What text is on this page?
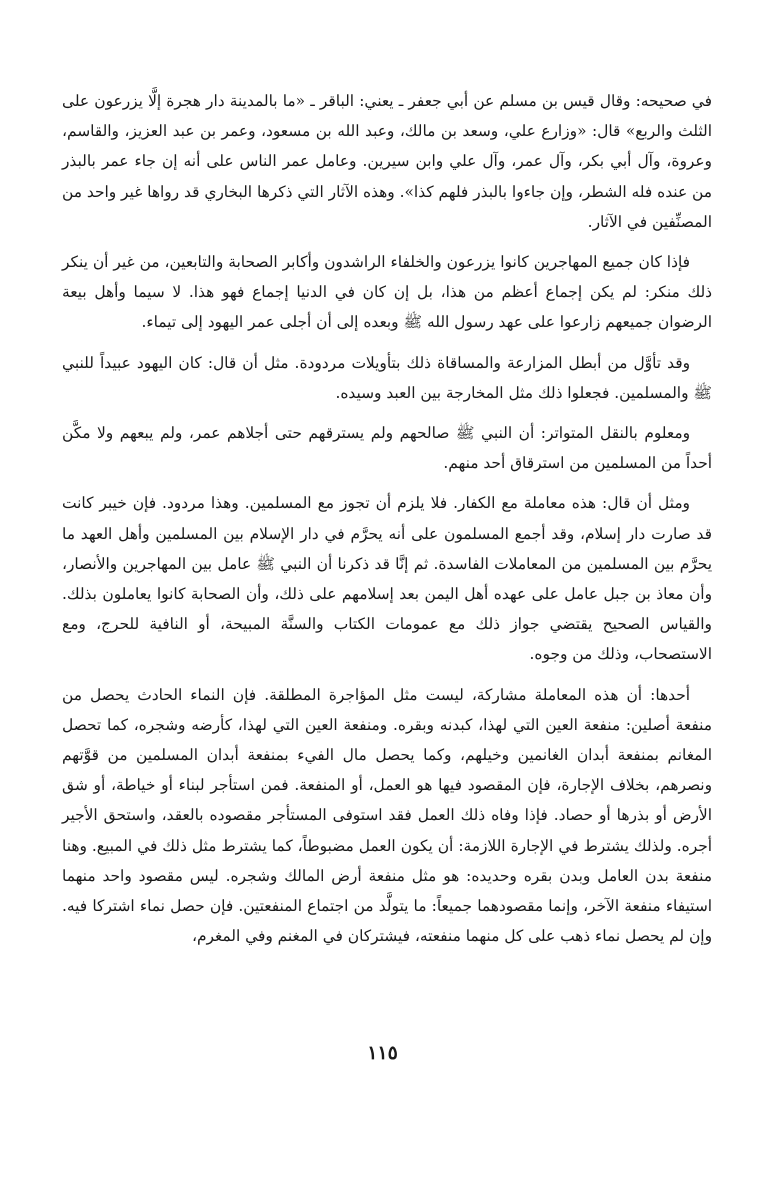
في صحيحه: وقال قيس بن مسلم عن أبي جعفر ـ يعني: الباقر ـ «ما بالمدينة دار هجرة إلَّا يزرعون على الثلث والربع» قال: «وزارع علي، وسعد بن مالك، وعبد الله بن مسعود، وعمر بن عبد العزيز، والقاسم، وعروة، وآل أبي بكر، وآل عمر، وآل علي وابن سيرين. وعامل عمر الناس على أنه إن جاء عمر بالبذر من عنده فله الشطر، وإن جاءوا بالبذر فلهم كذا». وهذه الآثار التي ذكرها البخاري قد رواها غير واحد من المصنِّفين في الآثار.

فإذا كان جميع المهاجرين كانوا يزرعون والخلفاء الراشدون وأكابر الصحابة والتابعين، من غير أن ينكر ذلك منكر: لم يكن إجماع أعظم من هذا، بل إن كان في الدنيا إجماع فهو هذا. لا سيما وأهل بيعة الرضوان جميعهم زارعوا على عهد رسول الله ﷺ وبعده إلى أن أجلى عمر اليهود إلى تيماء.

وقد تأوَّل من أبطل المزارعة والمساقاة ذلك بتأويلات مردودة. مثل أن قال: كان اليهود عبيداً للنبي ﷺ والمسلمين. فجعلوا ذلك مثل المخارجة بين العبد وسيده.

ومعلوم بالنقل المتواتر: أن النبي ﷺ صالحهم ولم يسترقهم حتى أجلاهم عمر، ولم يبعهم ولا مكَّن أحداً من المسلمين من استرقاق أحد منهم.

ومثل أن قال: هذه معاملة مع الكفار. فلا يلزم أن تجوز مع المسلمين. وهذا مردود. فإن خيبر كانت قد صارت دار إسلام، وقد أجمع المسلمون على أنه يحرَّم في دار الإسلام بين المسلمين وأهل العهد ما يحرَّم بين المسلمين من المعاملات الفاسدة. ثم إنَّا قد ذكرنا أن النبي ﷺ عامل بين المهاجرين والأنصار، وأن معاذ بن جبل عامل على عهده أهل اليمن بعد إسلامهم على ذلك، وأن الصحابة كانوا يعاملون بذلك. والقياس الصحيح يقتضي جواز ذلك مع عمومات الكتاب والسنَّة المبيحة، أو النافية للحرج، ومع الاستصحاب، وذلك من وجوه.

أحدها: أن هذه المعاملة مشاركة، ليست مثل المؤاجرة المطلقة. فإن النماء الحادث يحصل من منفعة أصلين: منفعة العين التي لهذا، كبدنه وبقره. ومنفعة العين التي لهذا، كأرضه وشجره، كما تحصل المغانم بمنفعة أبدان الغانمين وخيلهم، وكما يحصل مال الفيء بمنفعة أبدان المسلمين من قوَّتهم ونصرهم، بخلاف الإجارة، فإن المقصود فيها هو العمل، أو المنفعة. فمن استأجر لبناء أو خياطة، أو شق الأرض أو بذرها أو حصاد. فإذا وفاه ذلك العمل فقد استوفى المستأجر مقصوده بالعقد، واستحق الأجير أجره. ولذلك يشترط في الإجارة اللازمة: أن يكون العمل مضبوطاً، كما يشترط مثل ذلك في المبيع. وهنا منفعة بدن العامل وبدن بقره وحديده: هو مثل منفعة أرض المالك وشجره. ليس مقصود واحد منهما استيفاء منفعة الآخر، وإنما مقصودهما جميعاً: ما يتولَّد من اجتماع المنفعتين. فإن حصل نماء اشتركا فيه. وإن لم يحصل نماء ذهب على كل منهما منفعته، فيشتركان في المغنم وفي المغرم،

١١٥
